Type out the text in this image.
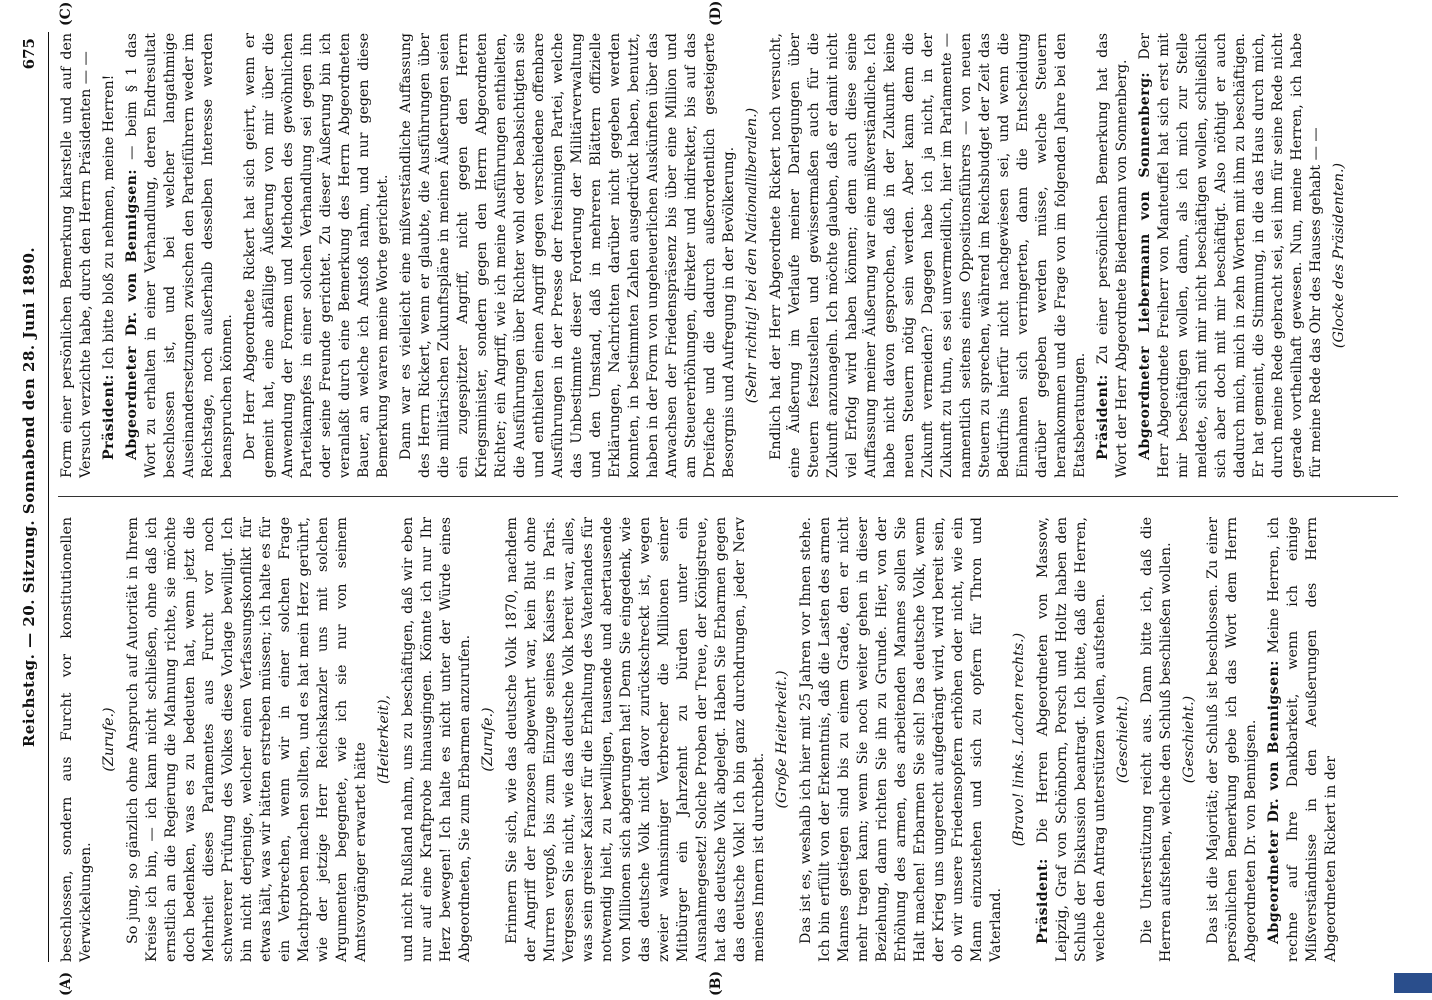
Reichstag. — 20. Sitzung. Sonnabend den 28. Juni 1890.
675
(A)	(B)
(C)	(D)

beschlossen, sondern aus Furcht vor konstitutionellen Verwickelungen.

(Zurufe.) So jung, so gänzlich ohne Anspruch auf Autorität in Ihrem Kreise ich bin, — ich kann nicht schließen, ohne daß ich ernstlich an die Regierung die Mahnung richte, sie möchte doch bedenken, was es zu bedeuten hat, wenn jetzt die Mehrheit dieses Parlamentes aus Furcht vor noch schwererer Prüfung des Volkes diese Vorlage bewilligt. Ich bin nicht derjenige, welcher einen Verfassungskonflikt für etwas hält, was wir hätten erstreben müssen; ich halte es für ein Verbrechen, wenn wir in einer solchen Frage Machtproben machen sollten, und es hat mein Herz gerührt, wie der jetzige Herr Reichskanzler uns mit solchen Argumenten begegnete, wie ich sie nur von seinem Amtsvorgänger erwartet hätte

(Heiterkeit), und nicht Rußland nahm, uns zu beschäftigen, daß wir eben nur auf eine Kraftprobe hinausgingen. Könnte ich nur Ihr Herz bewegen! Ich halte es nicht unter der Würde eines Abgeordneten, Sie zum Erbarmen anzurufen. (Zurufe.) Erinnern Sie sich, wie das deutsche Volk 1870, nachdem der Angriff der Franzosen abgewehrt war, kein Blut ohne Murren vergoß, bis zum Einzuge seines Kaisers in Paris. Vergessen Sie nicht, wie das deutsche Volk bereit war, alles, was sein greiser Kaiser für die Erhaltung des Vaterlandes für notwendig hielt, zu bewilligen, tausende und abertausende von Millionen sich abgerungen hat! Denn Sie eingedenk, wie das deutsche Volk nicht davor zurückschreckt ist, wegen zweier wahnsinniger Verbrecher die Millionen seiner Mitbürger ein Jahrzehnt zu bürden unter ein Ausnahmegesetz! Solche Proben der Treue, der Königstreue, hat das deutsche Volk abgelegt. Haben Sie Erbarmen gegen das deutsche Volk! Ich bin ganz durchdrungen, jeder Nerv meines Innern ist durchbebt.

(Große Heiterkeit.) Das ist es, weshalb ich hier mit 25 Jahren vor Ihnen stehe. Ich bin erfüllt von der Erkenntnis, daß die Lasten des armen Mannes gestiegen sind bis zu einem Grade, den er nicht mehr tragen kann; wenn Sie noch weiter gehen in dieser Beziehung, dann richten Sie ihn zu Grunde. Hier, von der Erhöhung des armen, des arbeitenden Mannes sollen Sie Halt machen! Erbarmen Sie sich! Das deutsche Volk, wenn der Krieg uns ungerecht aufgedrängt wird, wird bereit sein, ob wir unsere Friedensopfern erhöhen oder nicht, wie ein Mann einzustehen und sich zu opfern für Thron und Vaterland.

(Bravo! links. Lachen rechts.)

Präsident: Die Herren Abgeordneten von Massow, Leipzig, Graf von Schönborn, Porsch und Holtz haben den Schluß der Diskussion beantragt. Ich bitte, daß die Herren, welche den Antrag unterstützen wollen, aufstehen. (Geschieht.) Die Unterstützung reicht aus. Dann bitte ich, daß die Herren aufstehen, welche den Schluß beschließen wollen. (Geschieht.) Das ist die Majorität; der Schluß ist beschlossen. Zu einer persönlichen Bemerkung gebe ich das Wort dem Herrn Abgeordneten Dr. von Bennigsen. Abgeordneter Dr. von Bennigsen: Meine Herren, ich rechne auf Ihre Dankbarkeit, wenn ich einige Mißverständnisse in den Aeußerungen des Herrn Abgeordneten Rickert in der

Form einer persönlichen Bemerkung klarstelle und auf den Versuch verzichte habe, durch den Herrn Präsidenten — — Präsident: Ich bitte bloß zu nehmen, meine Herren! Abgeordneter Dr. von Bennigsen: — beim § 1 das Wort zu erhalten in einer Verhandlung, deren Endresultat beschlossen ist, und bei welcher langathmige Auseinandersetzungen zwischen den Parteiführern weder im Reichstage, noch außerhalb desselben Interesse werden beanspruchen können. Der Herr Abgeordnete Rickert hat sich geirrt, wenn er gemeint hat, eine abfällige Äußerung von mir über die Anwendung der Formen und Methoden des gewöhnlichen Parteikampfes in einer solchen Verhandlung sei gegen ihn oder seine Freunde gerichtet. Zu dieser Äußerung bin ich veranlaßt durch eine Bemerkung des Herrn Abgeordneten Bauer, an welche ich Anstoß nahm, und nur gegen diese Bemerkung waren meine Worte gerichtet. Dann war es vielleicht eine mißverständliche Auffassung des Herrn Rickert, wenn er glaubte, die Ausführungen über die militärischen Zukunftspläne in meinen Äußerungen seien ein zugespitzter Angriff, nicht gegen den Herrn Kriegsminister, sondern gegen den Herrn Abgeordneten Richter; ein Angriff, wie ich meine Ausführungen enthielten, die Ausführungen über Richter wohl oder beabsichtigten sie und enthielten einen Angriff gegen verschiedene offenbare Ausführungen in der Presse der freisinnigen Partei, welche das Unbestimmte dieser Forderung der Militärverwaltung und den Umstand, daß in mehreren Blättern offizielle Erklärungen, Nachrichten darüber nicht gegeben werden konnten, in bestimmten Zahlen ausgedrückt haben, benutzt, haben in der Form von ungeheuerlichen Auskünften über das Anwachsen der Friedenspräsenz bis über eine Million und am Steuererhöhungen, direkter und indirekter, bis auf das Dreifache und die dadurch außerordentlich gesteigerte Besorgnis und Aufregung in der Bevölkerung. (Sehr richtig! bei den Nationalliberalen.) Endlich hat der Herr Abgeordnete Rickert noch versucht, eine Äußerung im Verlaufe meiner Darlegungen über Steuern festzustellen und gewissermaßen auch für die Zukunft anzunageln. Ich möchte glauben, daß er damit nicht viel Erfolg wird haben können; denn auch diese seine Auffassung meiner Äußerung war eine mißverständliche. Ich habe nicht davon gesprochen, daß in der Zukunft keine neuen Steuern nötig sein werden. Aber kann denn die Zukunft vermeiden? Dagegen habe ich ja nicht, in der Zukunft zu thun, es sei unvermeidlich, hier im Parlamente — namentlich seitens eines Oppositionsführers — von neuen Steuern zu sprechen, während im Reichsbudget der Zeit das Bedürfnis hierfür nicht nachgewiesen sei, und wenn die Einnahmen sich verringerten, dann die Entscheidung darüber gegeben werden müsse, welche Steuern herankommen und die Frage von im folgenden Jahre bei den Etatsberatungen. Präsident: Zu einer persönlichen Bemerkung hat das Wort der Herr Abgeordnete Biedermann von Sonnenberg. Abgeordneter Liebermann von Sonnenberg: Der Herr Abgeordnete Freiherr von Manteuffel hat sich erst mit mir beschäftigen wollen, dann, als ich mich zur Stelle meldete, sich mit mir nicht beschäftigen wollen, schließlich sich aber doch mit mir beschäftigt. Also nöthigt er auch dadurch mich, mich in zehn Worten mit ihm zu beschäftigen. Er hat gemeint, die Stimmung, in die das Haus durch mich, durch meine Rede gebracht sei, sei ihm für seine Rede nicht gerade vortheilhaft gewesen. Nun, meine Herren, ich habe für meine Rede das Ohr des Hauses gehabt — — (Glocke des Präsidenten.)
